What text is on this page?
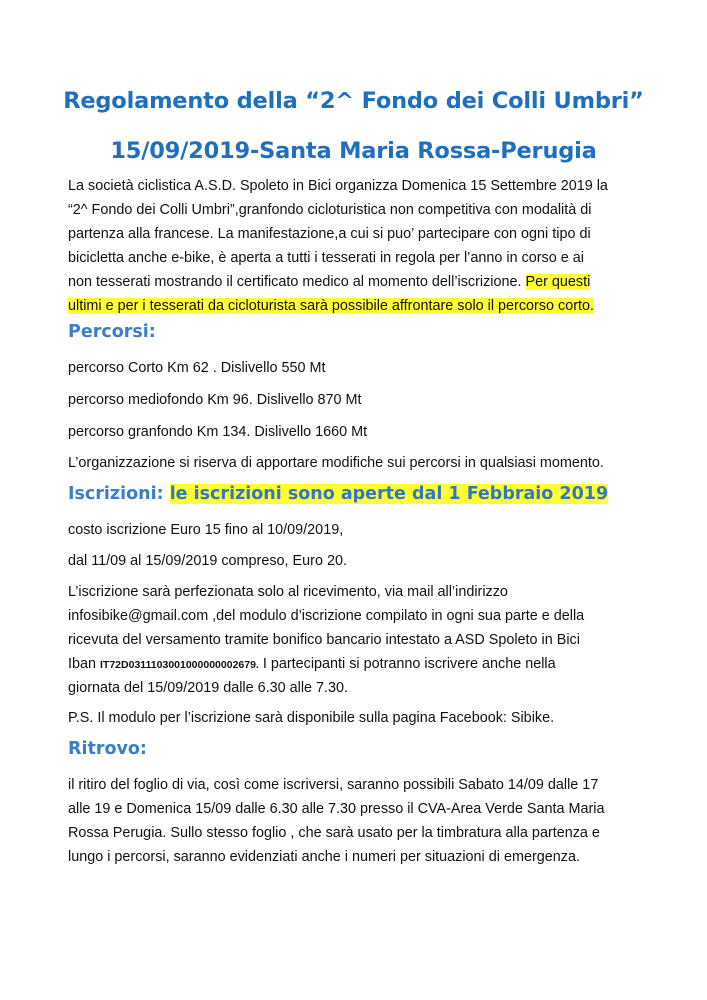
Regolamento della “2^ Fondo dei Colli Umbri”
15/09/2019-Santa Maria Rossa-Perugia
La società ciclistica A.S.D. Spoleto in Bici organizza Domenica 15 Settembre 2019 la
“2^ Fondo dei Colli Umbri”,granfondo cicloturistica non competitiva con modalità di
partenza alla francese. La manifestazione,a cui si puo’ partecipare con ogni tipo di
bicicletta anche e-bike, è aperta a tutti i tesserati in regola per l’anno in corso e ai
non tesserati mostrando il certificato medico al momento dell’iscrizione. Per questi
ultimi e per i tesserati da cicloturista sarà possibile affrontare solo il percorso corto.
Percorsi:
percorso Corto Km 62 . Dislivello 550 Mt
percorso mediofondo Km 96. Dislivello 870 Mt
percorso granfondo Km 134. Dislivello 1660 Mt
L’organizzazione si riserva di apportare modifiche sui percorsi in qualsiasi momento.
Iscrizioni: le iscrizioni sono aperte dal 1 Febbraio 2019
costo iscrizione Euro 15 fino al 10/09/2019,
dal 11/09 al 15/09/2019 compreso, Euro 20.
L’iscrizione sarà perfezionata solo al ricevimento, via mail all’indirizzo
infosibike@gmail.com ,del modulo d’iscrizione compilato in ogni sua parte e della
ricevuta del versamento tramite bonifico bancario intestato a ASD Spoleto in Bici
Iban IT72D0311103001000000002679. I partecipanti si potranno iscrivere anche nella
giornata del 15/09/2019 dalle 6.30 alle 7.30.
P.S. Il modulo per l’iscrizione sarà disponibile sulla pagina Facebook: Sibike.
Ritrovo:
il ritiro del foglio di via, così come iscriversi, saranno possibili Sabato 14/09 dalle 17
alle 19 e Domenica 15/09 dalle 6.30 alle 7.30 presso il CVA-Area Verde Santa Maria
Rossa Perugia. Sullo stesso foglio , che sarà usato per la timbratura alla partenza e
lungo i percorsi, saranno evidenziati anche i numeri per situazioni di emergenza.
